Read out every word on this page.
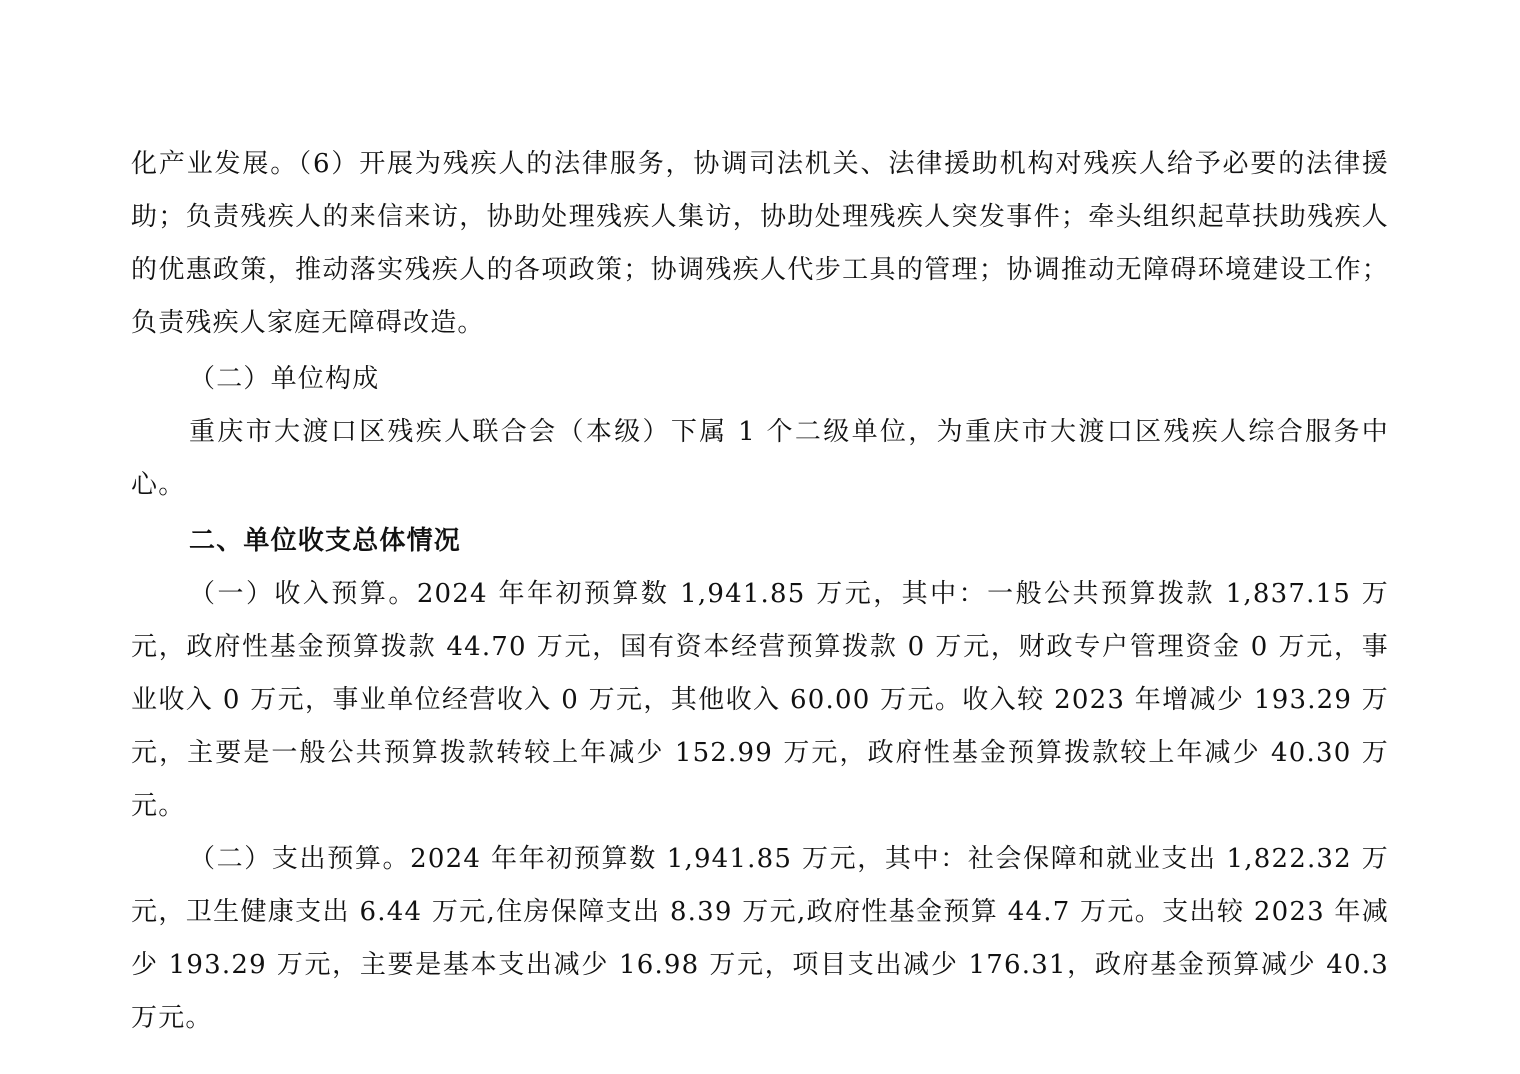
化产业发展。（6）开展为残疾人的法律服务，协调司法机关、法律援助机构对残疾人给予必要的法律援助；负责残疾人的来信来访，协助处理残疾人集访，协助处理残疾人突发事件；牵头组织起草扶助残疾人的优惠政策，推动落实残疾人的各项政策；协调残疾人代步工具的管理；协调推动无障碍环境建设工作；负责残疾人家庭无障碍改造。

（二）单位构成

重庆市大渡口区残疾人联合会（本级）下属 1 个二级单位，为重庆市大渡口区残疾人综合服务中心。

二、单位收支总体情况

（一）收入预算。2024 年年初预算数 1,941.85 万元，其中：一般公共预算拨款 1,837.15 万元，政府性基金预算拨款 44.70 万元，国有资本经营预算拨款 0 万元，财政专户管理资金 0 万元，事业收入 0 万元，事业单位经营收入 0 万元，其他收入 60.00 万元。收入较 2023 年增减少 193.29 万元，主要是一般公共预算拨款转较上年减少 152.99 万元，政府性基金预算拨款较上年减少 40.30 万元。

（二）支出预算。2024 年年初预算数 1,941.85 万元，其中：社会保障和就业支出 1,822.32 万元，卫生健康支出 6.44 万元,住房保障支出 8.39 万元,政府性基金预算 44.7 万元。支出较 2023 年减少 193.29 万元，主要是基本支出减少 16.98 万元，项目支出减少 176.31，政府基金预算减少 40.3 万元。
